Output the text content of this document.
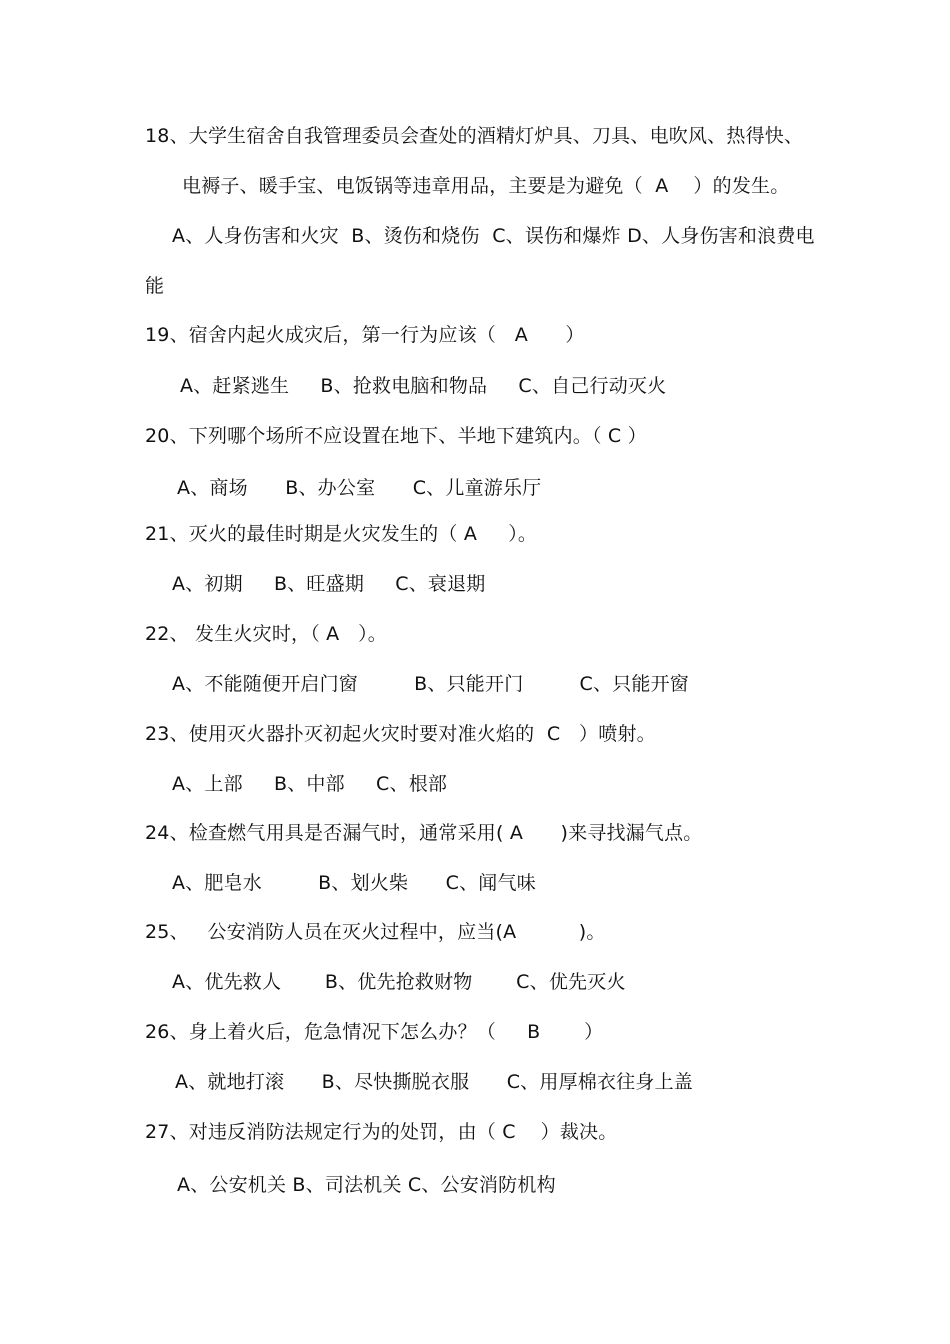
18、大学生宿舍自我管理委员会查处的酒精灯炉具、刀具、电吹风、热得快、
电褥子、暖手宝、电饭锅等违章用品，主要是为避免（  A    ）的发生。
A、人身伤害和火灾  B、烫伤和烧伤  C、误伤和爆炸 D、人身伤害和浪费电
能
19、宿舍内起火成灾后，第一行为应该（   A      ）
A、赶紧逃生     B、抢救电脑和物品     C、自己行动灭火
20、下列哪个场所不应设置在地下、半地下建筑内。（ C ）
A、商场      B、办公室      C、儿童游乐厅
21、灭火的最佳时期是火灾发生的（ A     ）。
A、初期     B、旺盛期     C、衰退期
22、 发生火灾时，（ A   ）。
A、不能随便开启门窗         B、只能开门         C、只能开窗
23、使用灭火器扑灭初起火灾时要对准火焰的  C   ）喷射。
A、上部     B、中部     C、根部
24、检查燃气用具是否漏气时，通常采用( A      )来寻找漏气点。
A、肥皂水         B、划火柴      C、闻气味
25、   公安消防人员在灭火过程中，应当(A          )。
A、优先救人       B、优先抢救财物       C、优先灭火
26、身上着火后，危急情况下怎么办？（     B       ）
A、就地打滚      B、尽快撕脱衣服      C、用厚棉衣往身上盖
27、对违反消防法规定行为的处罚，由（ C    ）裁决。
A、公安机关 B、司法机关 C、公安消防机构
